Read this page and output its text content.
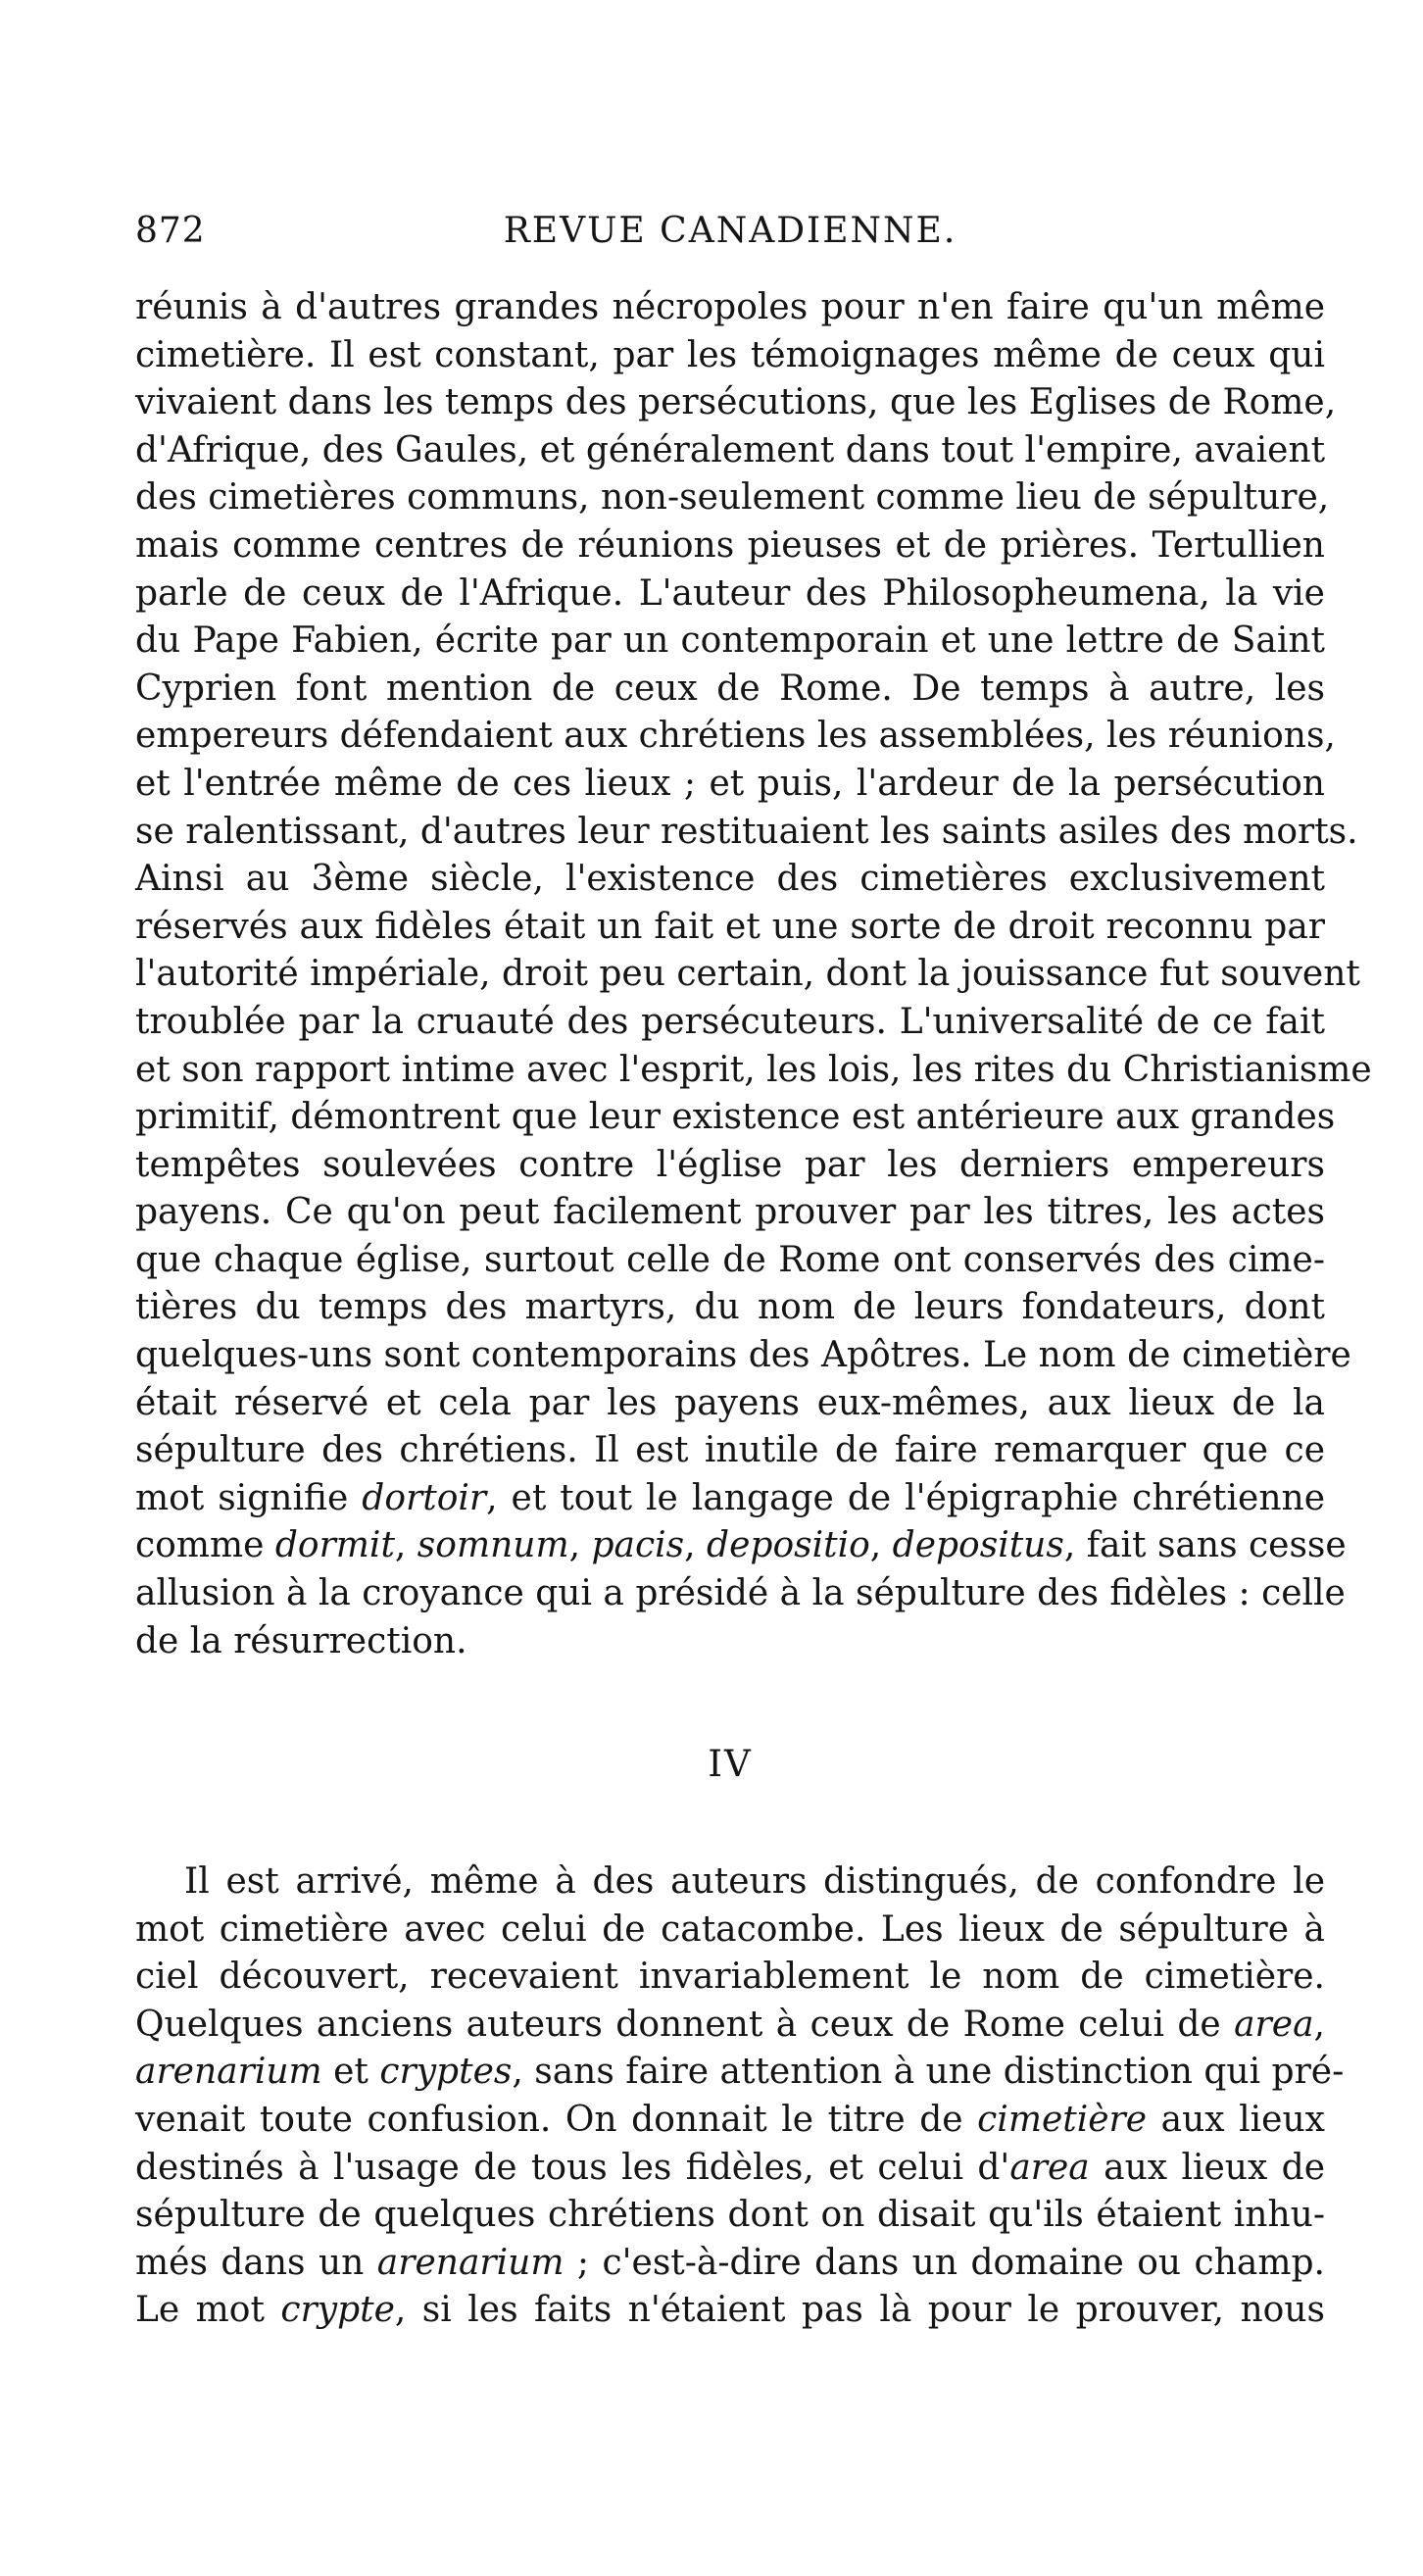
872	REVUE CANADIENNE.
réunis à d'autres grandes nécropoles pour n'en faire qu'un même
cimetière. Il est constant, par les témoignages même de ceux qui
vivaient dans les temps des persécutions, que les Eglises de Rome,
d'Afrique, des Gaules, et généralement dans tout l'empire, avaient
des cimetières communs, non-seulement comme lieu de sépulture,
mais comme centres de réunions pieuses et de prières. Tertullien
parle de ceux de l'Afrique. L'auteur des Philosopheumena, la vie
du Pape Fabien, écrite par un contemporain et une lettre de Saint
Cyprien font mention de ceux de Rome. De temps à autre, les
empereurs défendaient aux chrétiens les assemblées, les réunions,
et l'entrée même de ces lieux ; et puis, l'ardeur de la persécution
se ralentissant, d'autres leur restituaient les saints asiles des morts.
Ainsi au 3ème siècle, l'existence des cimetières exclusivement
réservés aux fidèles était un fait et une sorte de droit reconnu par
l'autorité impériale, droit peu certain, dont la jouissance fut souvent
troublée par la cruauté des persécuteurs. L'universalité de ce fait
et son rapport intime avec l'esprit, les lois, les rites du Christianisme
primitif, démontrent que leur existence est antérieure aux grandes
tempêtes soulevées contre l'église par les derniers empereurs
payens. Ce qu'on peut facilement prouver par les titres, les actes
que chaque église, surtout celle de Rome ont conservés des cime-
tières du temps des martyrs, du nom de leurs fondateurs, dont
quelques-uns sont contemporains des Apôtres. Le nom de cimetière
était réservé et cela par les payens eux-mêmes, aux lieux de la
sépulture des chrétiens. Il est inutile de faire remarquer que ce
mot signifie dortoir, et tout le langage de l'épigraphie chrétienne
comme dormit, somnum, pacis, depositio, depositus, fait sans cesse
allusion à la croyance qui a présidé à la sépulture des fidèles : celle
de la résurrection.
IV
Il est arrivé, même à des auteurs distingués, de confondre le
mot cimetière avec celui de catacombe. Les lieux de sépulture à
ciel découvert, recevaient invariablement le nom de cimetière.
Quelques anciens auteurs donnent à ceux de Rome celui de area,
arenarium et cryptes, sans faire attention à une distinction qui pré-
venait toute confusion. On donnait le titre de cimetière aux lieux
destinés à l'usage de tous les fidèles, et celui d'area aux lieux de
sépulture de quelques chrétiens dont on disait qu'ils étaient inhu-
més dans un arenarium ; c'est-à-dire dans un domaine ou champ.
Le mot crypte, si les faits n'étaient pas là pour le prouver, nous
